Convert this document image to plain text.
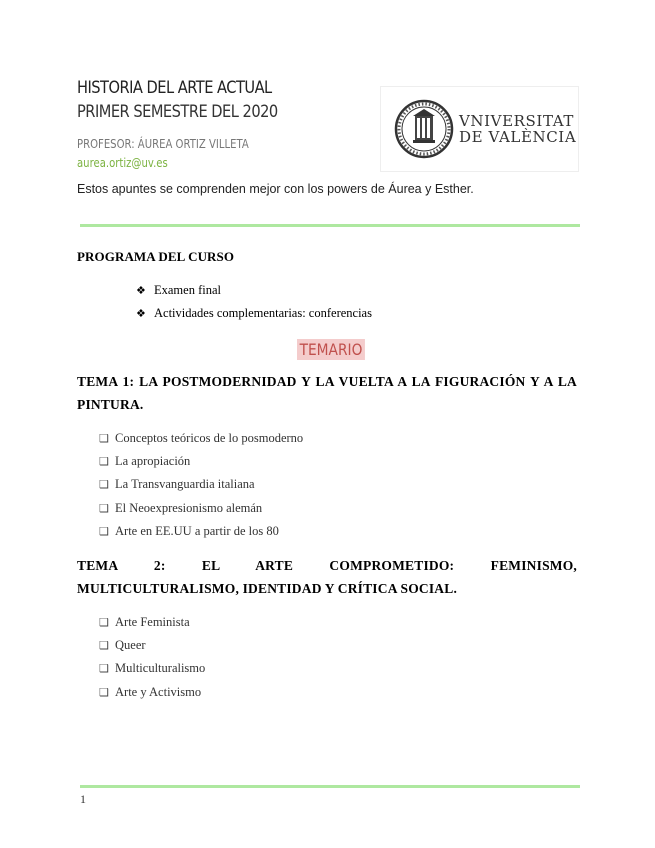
HISTORIA DEL ARTE ACTUAL
PRIMER SEMESTRE DEL 2020
PROFESOR: ÁUREA ORTIZ VILLETA
aurea.ortiz@uv.es
Estos apuntes se comprenden mejor con los powers de Áurea y Esther.
VNIVERSITAT
DE VALÈNCIA
PROGRAMA DEL CURSO
❖ Examen final
❖ Actividades complementarias: conferencias
TEMARIO
TEMA 1: LA POSTMODERNIDAD Y LA VUELTA A LA FIGURACIÓN Y A LA PINTURA.
❑ Conceptos teóricos de lo posmoderno
❑ La apropiación
❑ La Transvanguardia italiana
❑ El Neoexpresionismo alemán
❑ Arte en EE.UU a partir de los 80
TEMA 2: EL ARTE COMPROMETIDO: FEMINISMO, MULTICULTURALISMO, IDENTIDAD Y CRÍTICA SOCIAL.
❑ Arte Feminista
❑ Queer
❑ Multiculturalismo
❑ Arte y Activismo
1
